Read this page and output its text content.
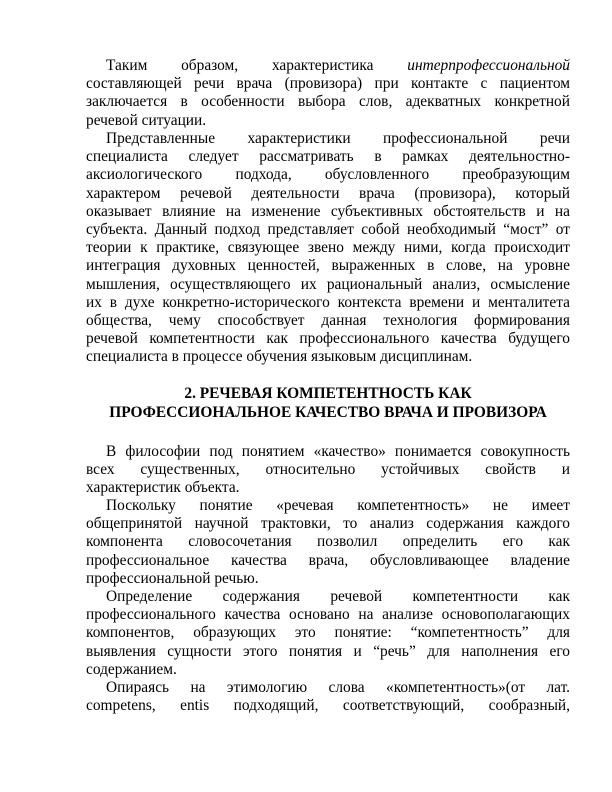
Таким образом, характеристика интерпрофессиональной
составляющей речи врача (провизора) при контакте с пациентом
заключается в особенности выбора слов, адекватных конкретной
речевой ситуации.
Представленные характеристики профессиональной речи
специалиста следует рассматривать в рамках деятельностно-
аксиологического подхода, обусловленного преобразующим
характером речевой деятельности врача (провизора), который
оказывает влияние на изменение субъективных обстоятельств и на
субъекта. Данный подход представляет собой необходимый “мост” от
теории к практике, связующее звено между ними, когда происходит
интеграция духовных ценностей, выраженных в слове, на уровне
мышления, осуществляющего их рациональный анализ, осмысление
их в духе конкретно-исторического контекста времени и менталитета
общества, чему способствует данная технология формирования
речевой компетентности как профессионального качества будущего
специалиста в процессе обучения языковым дисциплинам.
2. РЕЧЕВАЯ КОМПЕТЕНТНОСТЬ КАК
ПРОФЕССИОНАЛЬНОЕ КАЧЕСТВО ВРАЧА И ПРОВИЗОРА
В философии под понятием «качество» понимается совокупность
всех существенных, относительно устойчивых свойств и
характеристик объекта.
Поскольку понятие «речевая компетентность» не имеет
общепринятой научной трактовки, то анализ содержания каждого
компонента словосочетания позволил определить его как
профессиональное качества врача, обусловливающее владение
профессиональной речью.
Определение содержания речевой компетентности как
профессионального качества основано на анализе основополагающих
компонентов, образующих это понятие: “компетентность” для
выявления сущности этого понятия и “речь” для наполнения его
содержанием.
Опираясь на этимологию слова «компетентность»(от лат.
competens, entis подходящий, соответствующий, сообразный,
